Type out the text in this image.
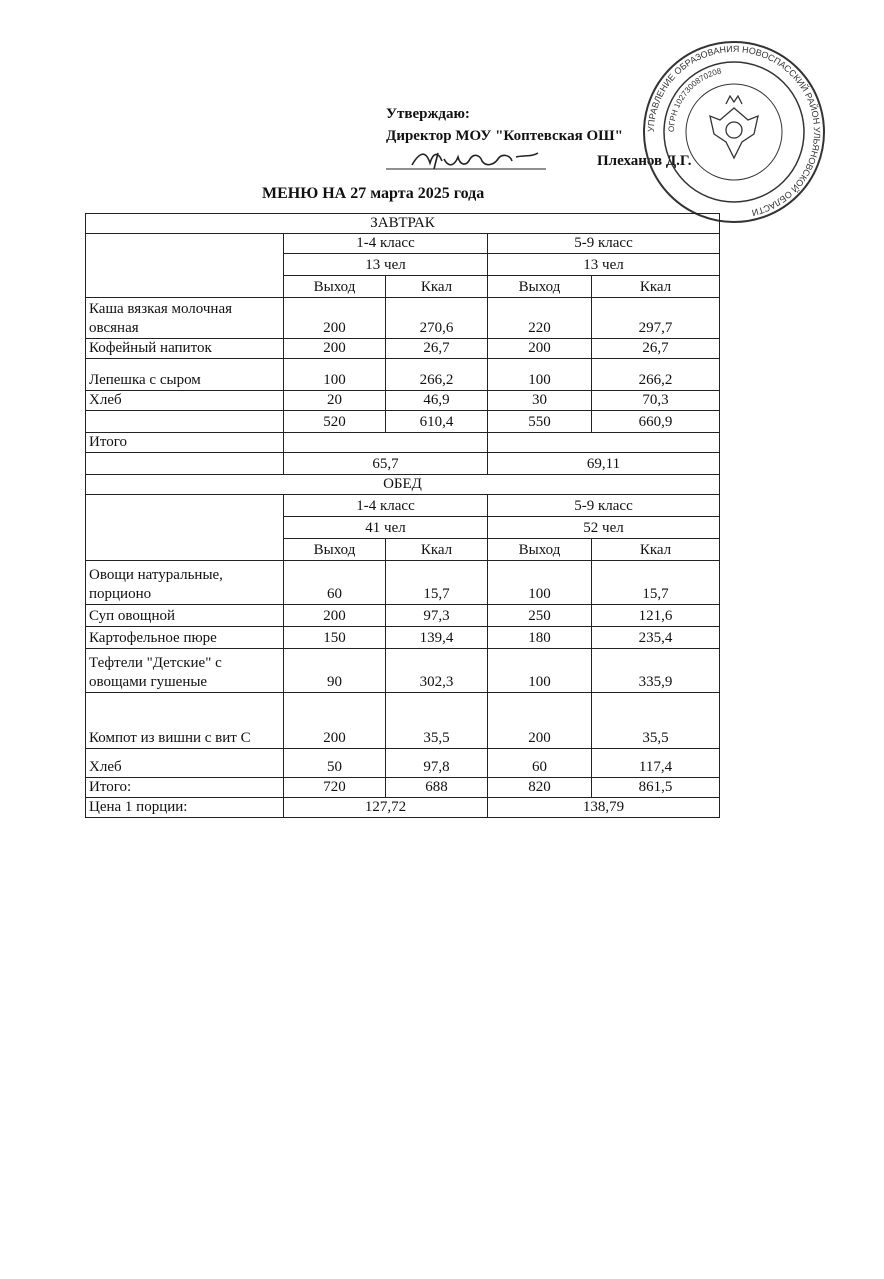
Утверждаю:
Директор МОУ "Коптевская ОШ"
Плеханов Д.Г.
УПРАВЛЕНИЕ ОБРАЗОВАНИЯ НОВОСПАССКИЙ РАЙОН УЛЬЯНОВСКОЙ ОБЛАСТИ
ОГРН 1027300870208
МЕНЮ НА 27 марта 2025 года
ЗАВТРАК				
	1-4 класс		5-9 класс	
	13 чел		13 чел	
	Выход	Ккал	Выход	Ккал
Каша вязкая молочная овсяная	200	270,6	220	297,7
Кофейный напиток	200	26,7	200	26,7
Лепешка с сыром	100	266,2	100	266,2
Хлеб	20	46,9	30	70,3
	520	610,4	550	660,9
Итого				
	65,7		69,11	
ОБЕД				
	1-4 класс		5-9 класс	
	41 чел		52 чел	
	Выход	Ккал	Выход	Ккал
Овощи натуральные, порционо	60	15,7	100	15,7
Суп овощной	200	97,3	250	121,6
Картофельное пюре	150	139,4	180	235,4
Тефтели "Детские" с овощами гушеные	90	302,3	100	335,9
Компот из вишни с вит С	200	35,5	200	35,5
Хлеб	50	97,8	60	117,4
Итого:	720	688	820	861,5
Цена 1 порции:	127,72		138,79	
